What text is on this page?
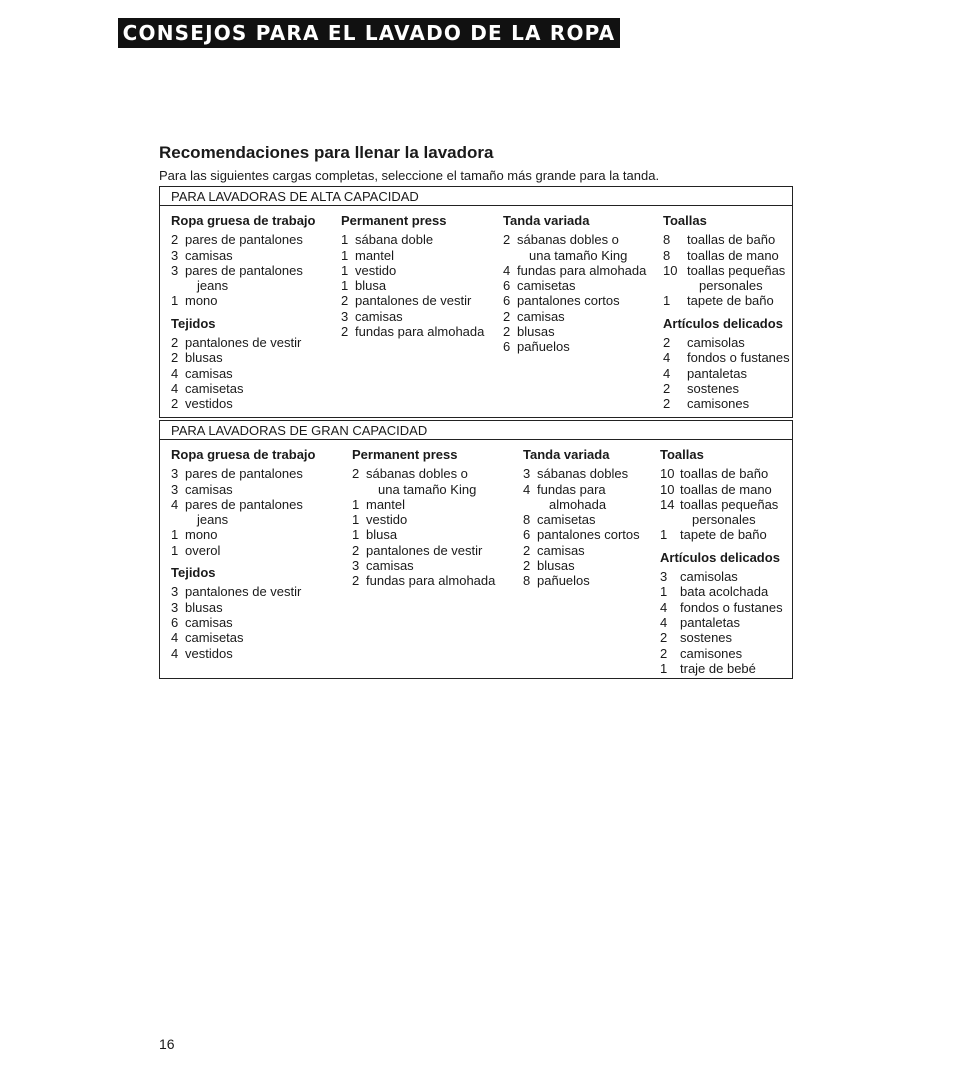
CONSEJOS PARA EL LAVADO DE LA ROPA
Recomendaciones para llenar la lavadora

Para las siguientes cargas completas, seleccione el tamaño más grande para la tanda.

PARA LAVADORAS DE ALTA CAPACIDAD
Ropa gruesa de trabajo
2 pares de pantalones
3 camisas
3 pares de pantalones
jeans
1 mono
Tejidos
2 pantalones de vestir
2 blusas
4 camisas
4 camisetas
2 vestidos
Permanent press
1 sábana doble
1 mantel
1 vestido
1 blusa
2 pantalones de vestir
3 camisas
2 fundas para almohada
Tanda variada
2 sábanas dobles o
una tamaño King
4 fundas para almohada
6 camisetas
6 pantalones cortos
2 camisas
2 blusas
6 pañuelos
Toallas
8	toallas de baño
8	toallas de mano
10 toallas pequeñas
personales
1	tapete de baño
Artículos delicados
2	camisolas
4	fondos o fustanes
4	pantaletas
2	sostenes
2	camisones
PARA LAVADORAS DE GRAN CAPACIDAD
Ropa gruesa de trabajo
3 pares de pantalones
3 camisas
4 pares de pantalones
jeans
1 mono
1 overol
Tejidos
3 pantalones de vestir
3 blusas
6 camisas
4 camisetas
4 vestidos
Permanent press
2 sábanas dobles o
una tamaño King
1 mantel
1 vestido
1 blusa
2 pantalones de vestir
3 camisas
2 fundas para almohada
Tanda variada
3 sábanas dobles
4 fundas para
almohada
8 camisetas
6 pantalones cortos
2 camisas
2 blusas
8 pañuelos
Toallas
10 toallas de baño
10 toallas de mano
14 toallas pequeñas
personales
1 tapete de baño
Artículos delicados
3 camisolas
1 bata acolchada
4 fondos o fustanes
4 pantaletas
2 sostenes
2 camisones
1 traje de bebé
16
